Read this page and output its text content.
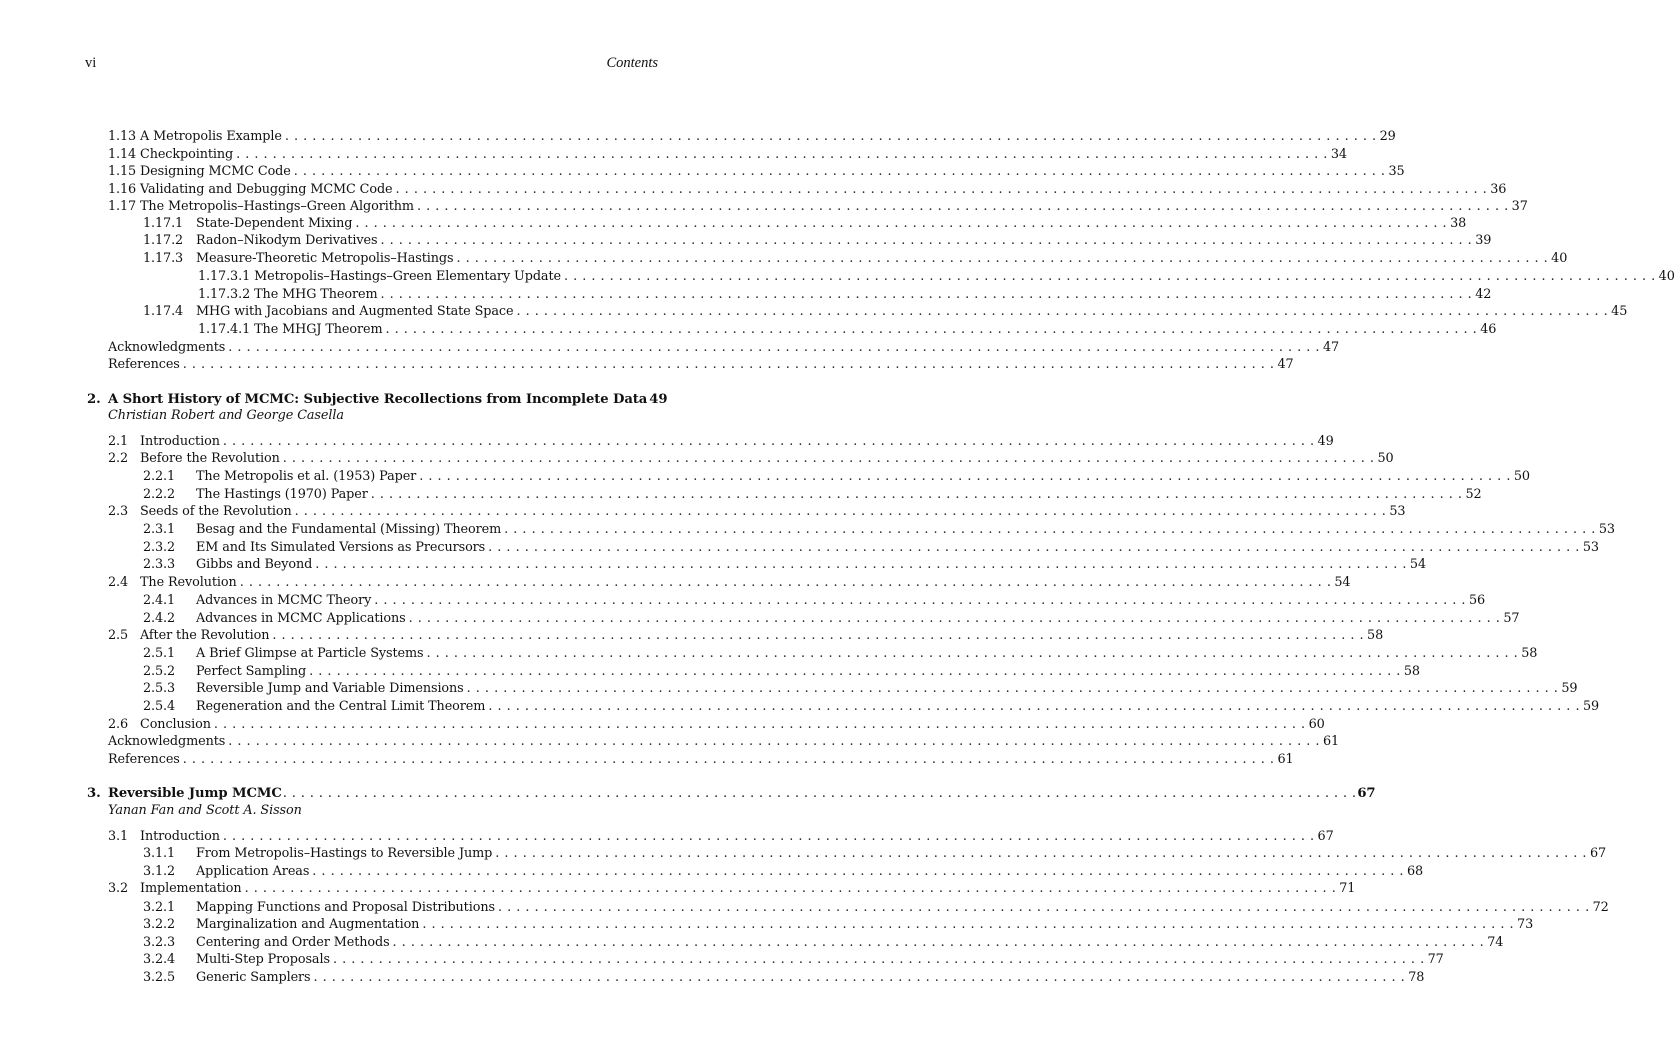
vi	Contents
1.13 A Metropolis Example . . . . . . . . . . . . . . . . . . . . . . . . . . . . . . . . . . . . . . . . . . . . . . . . . . . . . . . . . . . . . . . . . . . . . . . . . . . . . . . . . . . . . . . . . . . . . . . . . . . . . . . . . . . . . . . . . . . . . . . . 29
1.14 Checkpointing . . . . . . . . . . . . . . . . . . . . . . . . . . . . . . . . . . . . . . . . . . . . . . . . . . . . . . . . . . . . . . . . . . . . . . . . . . . . . . . . . . . . . . . . . . . . . . . . . . . . . . . . . . . . . . . . . . . . . . . . 34
1.15 Designing MCMC Code . . . . . . . . . . . . . . . . . . . . . . . . . . . . . . . . . . . . . . . . . . . . . . . . . . . . . . . . . . . . . . . . . . . . . . . . . . . . . . . . . . . . . . . . . . . . . . . . . . . . . . . . . . . . . . . . . . . . . . . . 35
1.16 Validating and Debugging MCMC Code . . . . . . . . . . . . . . . . . . . . . . . . . . . . . . . . . . . . . . . . . . . . . . . . . . . . . . . . . . . . . . . . . . . . . . . . . . . . . . . . . . . . . . . . . . . . . . . . . . . . . . . . . . . . . . . . . . . . . . . . 36
1.17 The Metropolis–Hastings–Green Algorithm . . . . . . . . . . . . . . . . . . . . . . . . . . . . . . . . . . . . . . . . . . . . . . . . . . . . . . . . . . . . . . . . . . . . . . . . . . . . . . . . . . . . . . . . . . . . . . . . . . . . . . . . . . . . . . . . . . . . . . . . 37
1.17.1 State-Dependent Mixing . . . . . . . . . . . . . . . . . . . . . . . . . . . . . . . . . . . . . . . . . . . . . . . . . . . . . . . . . . . . . . . . . . . . . . . . . . . . . . . . . . . . . . . . . . . . . . . . . . . . . . . . . . . . . . . . . . . . . . . . 38
1.17.2 Radon–Nikodym Derivatives . . . . . . . . . . . . . . . . . . . . . . . . . . . . . . . . . . . . . . . . . . . . . . . . . . . . . . . . . . . . . . . . . . . . . . . . . . . . . . . . . . . . . . . . . . . . . . . . . . . . . . . . . . . . . . . . . . . . . . . . 39
1.17.3 Measure-Theoretic Metropolis–Hastings . . . . . . . . . . . . . . . . . . . . . . . . . . . . . . . . . . . . . . . . . . . . . . . . . . . . . . . . . . . . . . . . . . . . . . . . . . . . . . . . . . . . . . . . . . . . . . . . . . . . . . . . . . . . . . . . . . . . . . . . 40
1.17.3.1 Metropolis–Hastings–Green Elementary Update . . . . . . . . . . . . . . . . . . . . . . . . . . . . . . . . . . . . . . . . . . . . . . . . . . . . . . . . . . . . . . . . . . . . . . . . . . . . . . . . . . . . . . . . . . . . . . . . . . . . . . . . . . . . . . . . . . . . . . . . 40
1.17.3.2 The MHG Theorem . . . . . . . . . . . . . . . . . . . . . . . . . . . . . . . . . . . . . . . . . . . . . . . . . . . . . . . . . . . . . . . . . . . . . . . . . . . . . . . . . . . . . . . . . . . . . . . . . . . . . . . . . . . . . . . . . . . . . . . . 42
1.17.4 MHG with Jacobians and Augmented State Space . . . . . . . . . . . . . . . . . . . . . . . . . . . . . . . . . . . . . . . . . . . . . . . . . . . . . . . . . . . . . . . . . . . . . . . . . . . . . . . . . . . . . . . . . . . . . . . . . . . . . . . . . . . . . . . . . . . . . . . . 45
1.17.4.1 The MHGJ Theorem . . . . . . . . . . . . . . . . . . . . . . . . . . . . . . . . . . . . . . . . . . . . . . . . . . . . . . . . . . . . . . . . . . . . . . . . . . . . . . . . . . . . . . . . . . . . . . . . . . . . . . . . . . . . . . . . . . . . . . . . 46
Acknowledgments . . . . . . . . . . . . . . . . . . . . . . . . . . . . . . . . . . . . . . . . . . . . . . . . . . . . . . . . . . . . . . . . . . . . . . . . . . . . . . . . . . . . . . . . . . . . . . . . . . . . . . . . . . . . . . . . . . . . . . . . 47
References . . . . . . . . . . . . . . . . . . . . . . . . . . . . . . . . . . . . . . . . . . . . . . . . . . . . . . . . . . . . . . . . . . . . . . . . . . . . . . . . . . . . . . . . . . . . . . . . . . . . . . . . . . . . . . . . . . . . . . . . 47
2. A Short History of MCMC: Subjective Recollections from Incomplete Data 49
Christian Robert and George Casella
2.1 Introduction . . . . . . . . . . . . . . . . . . . . . . . . . . . . . . . . . . . . . . . . . . . . . . . . . . . . . . . . . . . . . . . . . . . . . . . . . . . . . . . . . . . . . . . . . . . . . . . . . . . . . . . . . . . . . . . . . . . . . . . . 49
2.2 Before the Revolution . . . . . . . . . . . . . . . . . . . . . . . . . . . . . . . . . . . . . . . . . . . . . . . . . . . . . . . . . . . . . . . . . . . . . . . . . . . . . . . . . . . . . . . . . . . . . . . . . . . . . . . . . . . . . . . . . . . . . . . . 50
2.2.1 The Metropolis et al. (1953) Paper . . . . . . . . . . . . . . . . . . . . . . . . . . . . . . . . . . . . . . . . . . . . . . . . . . . . . . . . . . . . . . . . . . . . . . . . . . . . . . . . . . . . . . . . . . . . . . . . . . . . . . . . . . . . . . . . . . . . . . . . 50
2.2.2 The Hastings (1970) Paper . . . . . . . . . . . . . . . . . . . . . . . . . . . . . . . . . . . . . . . . . . . . . . . . . . . . . . . . . . . . . . . . . . . . . . . . . . . . . . . . . . . . . . . . . . . . . . . . . . . . . . . . . . . . . . . . . . . . . . . . 52
2.3 Seeds of the Revolution . . . . . . . . . . . . . . . . . . . . . . . . . . . . . . . . . . . . . . . . . . . . . . . . . . . . . . . . . . . . . . . . . . . . . . . . . . . . . . . . . . . . . . . . . . . . . . . . . . . . . . . . . . . . . . . . . . . . . . . . 53
2.3.1 Besag and the Fundamental (Missing) Theorem . . . . . . . . . . . . . . . . . . . . . . . . . . . . . . . . . . . . . . . . . . . . . . . . . . . . . . . . . . . . . . . . . . . . . . . . . . . . . . . . . . . . . . . . . . . . . . . . . . . . . . . . . . . . . . . . . . . . . . . . 53
2.3.2 EM and Its Simulated Versions as Precursors . . . . . . . . . . . . . . . . . . . . . . . . . . . . . . . . . . . . . . . . . . . . . . . . . . . . . . . . . . . . . . . . . . . . . . . . . . . . . . . . . . . . . . . . . . . . . . . . . . . . . . . . . . . . . . . . . . . . . . . . 53
2.3.3 Gibbs and Beyond . . . . . . . . . . . . . . . . . . . . . . . . . . . . . . . . . . . . . . . . . . . . . . . . . . . . . . . . . . . . . . . . . . . . . . . . . . . . . . . . . . . . . . . . . . . . . . . . . . . . . . . . . . . . . . . . . . . . . . . . 54
2.4 The Revolution . . . . . . . . . . . . . . . . . . . . . . . . . . . . . . . . . . . . . . . . . . . . . . . . . . . . . . . . . . . . . . . . . . . . . . . . . . . . . . . . . . . . . . . . . . . . . . . . . . . . . . . . . . . . . . . . . . . . . . . . 54
2.4.1 Advances in MCMC Theory . . . . . . . . . . . . . . . . . . . . . . . . . . . . . . . . . . . . . . . . . . . . . . . . . . . . . . . . . . . . . . . . . . . . . . . . . . . . . . . . . . . . . . . . . . . . . . . . . . . . . . . . . . . . . . . . . . . . . . . . 56
2.4.2 Advances in MCMC Applications . . . . . . . . . . . . . . . . . . . . . . . . . . . . . . . . . . . . . . . . . . . . . . . . . . . . . . . . . . . . . . . . . . . . . . . . . . . . . . . . . . . . . . . . . . . . . . . . . . . . . . . . . . . . . . . . . . . . . . . . 57
2.5 After the Revolution . . . . . . . . . . . . . . . . . . . . . . . . . . . . . . . . . . . . . . . . . . . . . . . . . . . . . . . . . . . . . . . . . . . . . . . . . . . . . . . . . . . . . . . . . . . . . . . . . . . . . . . . . . . . . . . . . . . . . . . . 58
2.5.1 A Brief Glimpse at Particle Systems . . . . . . . . . . . . . . . . . . . . . . . . . . . . . . . . . . . . . . . . . . . . . . . . . . . . . . . . . . . . . . . . . . . . . . . . . . . . . . . . . . . . . . . . . . . . . . . . . . . . . . . . . . . . . . . . . . . . . . . . 58
2.5.2 Perfect Sampling . . . . . . . . . . . . . . . . . . . . . . . . . . . . . . . . . . . . . . . . . . . . . . . . . . . . . . . . . . . . . . . . . . . . . . . . . . . . . . . . . . . . . . . . . . . . . . . . . . . . . . . . . . . . . . . . . . . . . . . . 58
2.5.3 Reversible Jump and Variable Dimensions . . . . . . . . . . . . . . . . . . . . . . . . . . . . . . . . . . . . . . . . . . . . . . . . . . . . . . . . . . . . . . . . . . . . . . . . . . . . . . . . . . . . . . . . . . . . . . . . . . . . . . . . . . . . . . . . . . . . . . . . 59
2.5.4 Regeneration and the Central Limit Theorem . . . . . . . . . . . . . . . . . . . . . . . . . . . . . . . . . . . . . . . . . . . . . . . . . . . . . . . . . . . . . . . . . . . . . . . . . . . . . . . . . . . . . . . . . . . . . . . . . . . . . . . . . . . . . . . . . . . . . . . . 59
2.6 Conclusion . . . . . . . . . . . . . . . . . . . . . . . . . . . . . . . . . . . . . . . . . . . . . . . . . . . . . . . . . . . . . . . . . . . . . . . . . . . . . . . . . . . . . . . . . . . . . . . . . . . . . . . . . . . . . . . . . . . . . . . . 60
Acknowledgments . . . . . . . . . . . . . . . . . . . . . . . . . . . . . . . . . . . . . . . . . . . . . . . . . . . . . . . . . . . . . . . . . . . . . . . . . . . . . . . . . . . . . . . . . . . . . . . . . . . . . . . . . . . . . . . . . . . . . . . . 61
References . . . . . . . . . . . . . . . . . . . . . . . . . . . . . . . . . . . . . . . . . . . . . . . . . . . . . . . . . . . . . . . . . . . . . . . . . . . . . . . . . . . . . . . . . . . . . . . . . . . . . . . . . . . . . . . . . . . . . . . . 61
3. Reversible Jump MCMC . . . . . . . . . . . . . . . . . . . . . . . . . . . . . . . . . . . . . . . . . . . . . . . . . . . . . . . . . . . . . . . . . . . . . . . . . . . . . . . . . . . . . . . . . . . . . . . . . . . . . . . . . . . . . . . . . . . . . . . . 67
Yanan Fan and Scott A. Sisson
3.1 Introduction . . . . . . . . . . . . . . . . . . . . . . . . . . . . . . . . . . . . . . . . . . . . . . . . . . . . . . . . . . . . . . . . . . . . . . . . . . . . . . . . . . . . . . . . . . . . . . . . . . . . . . . . . . . . . . . . . . . . . . . . 67
3.1.1 From Metropolis–Hastings to Reversible Jump . . . . . . . . . . . . . . . . . . . . . . . . . . . . . . . . . . . . . . . . . . . . . . . . . . . . . . . . . . . . . . . . . . . . . . . . . . . . . . . . . . . . . . . . . . . . . . . . . . . . . . . . . . . . . . . . . . . . . . . . 67
3.1.2 Application Areas . . . . . . . . . . . . . . . . . . . . . . . . . . . . . . . . . . . . . . . . . . . . . . . . . . . . . . . . . . . . . . . . . . . . . . . . . . . . . . . . . . . . . . . . . . . . . . . . . . . . . . . . . . . . . . . . . . . . . . . . 68
3.2 Implementation . . . . . . . . . . . . . . . . . . . . . . . . . . . . . . . . . . . . . . . . . . . . . . . . . . . . . . . . . . . . . . . . . . . . . . . . . . . . . . . . . . . . . . . . . . . . . . . . . . . . . . . . . . . . . . . . . . . . . . . . 71
3.2.1 Mapping Functions and Proposal Distributions . . . . . . . . . . . . . . . . . . . . . . . . . . . . . . . . . . . . . . . . . . . . . . . . . . . . . . . . . . . . . . . . . . . . . . . . . . . . . . . . . . . . . . . . . . . . . . . . . . . . . . . . . . . . . . . . . . . . . . . . 72
3.2.2 Marginalization and Augmentation . . . . . . . . . . . . . . . . . . . . . . . . . . . . . . . . . . . . . . . . . . . . . . . . . . . . . . . . . . . . . . . . . . . . . . . . . . . . . . . . . . . . . . . . . . . . . . . . . . . . . . . . . . . . . . . . . . . . . . . . 73
3.2.3 Centering and Order Methods . . . . . . . . . . . . . . . . . . . . . . . . . . . . . . . . . . . . . . . . . . . . . . . . . . . . . . . . . . . . . . . . . . . . . . . . . . . . . . . . . . . . . . . . . . . . . . . . . . . . . . . . . . . . . . . . . . . . . . . . 74
3.2.4 Multi-Step Proposals . . . . . . . . . . . . . . . . . . . . . . . . . . . . . . . . . . . . . . . . . . . . . . . . . . . . . . . . . . . . . . . . . . . . . . . . . . . . . . . . . . . . . . . . . . . . . . . . . . . . . . . . . . . . . . . . . . . . . . . . 77
3.2.5 Generic Samplers . . . . . . . . . . . . . . . . . . . . . . . . . . . . . . . . . . . . . . . . . . . . . . . . . . . . . . . . . . . . . . . . . . . . . . . . . . . . . . . . . . . . . . . . . . . . . . . . . . . . . . . . . . . . . . . . . . . . . . . . 78
